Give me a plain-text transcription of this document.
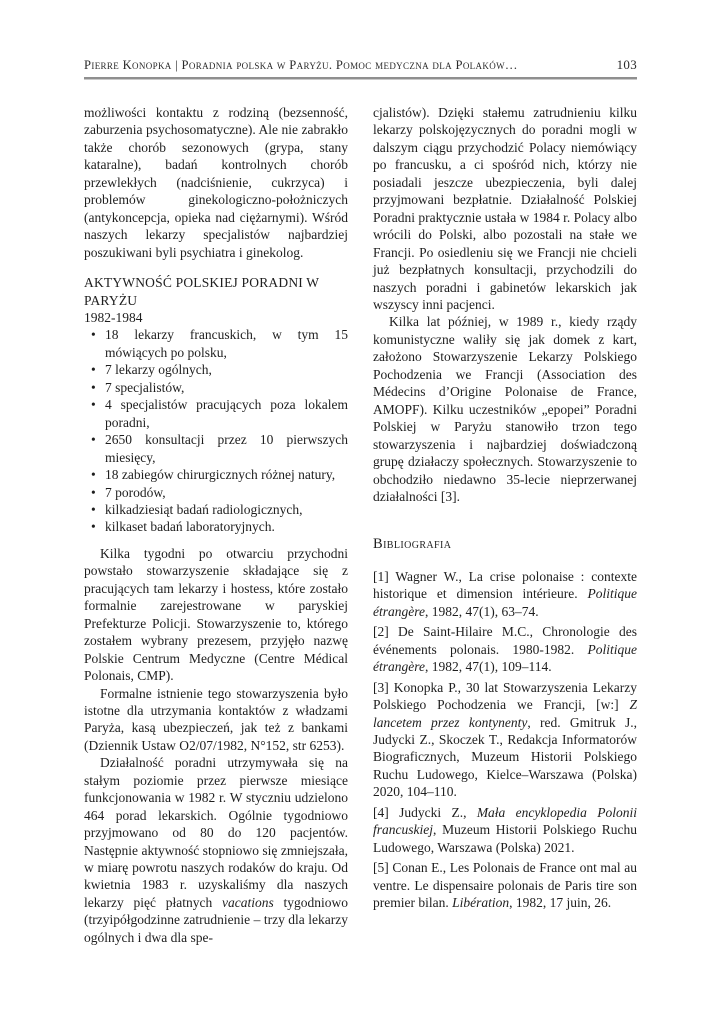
Pierre Konopka | Poradnia polska w Paryżu. Pomoc medyczna dla Polaków…	103

możliwości kontaktu z rodziną (bezsenność, zaburzenia psychosomatyczne). Ale nie zabrakło także chorób sezonowych (grypa, stany kataralne), badań kontrolnych chorób przewlekłych (nadciśnienie, cukrzyca) i problemów ginekologiczno-położniczych (antykoncepcja, opieka nad ciężarnymi). Wśród naszych lekarzy specjalistów najbardziej poszukiwani byli psychiatra i ginekolog.

AKTYWNOŚĆ POLSKIEJ PORADNI W PARYŻU

1982-1984

• 18 lekarzy francuskich, w tym 15 mówiących po polsku,
• 7 lekarzy ogólnych,
• 7 specjalistów,
• 4 specjalistów pracujących poza lokalem poradni,
• 2650 konsultacji przez 10 pierwszych miesięcy,
• 18 zabiegów chirurgicznych różnej natury,
• 7 porodów,
• kilkadziesiąt badań radiologicznych,
• kilkaset badań laboratoryjnych.

Kilka tygodni po otwarciu przychodni powstało stowarzyszenie składające się z pracujących tam lekarzy i hostess, które zostało formalnie zarejestrowane w paryskiej Prefekturze Policji. Stowarzyszenie to, którego zostałem wybrany prezesem, przyjęło nazwę Polskie Centrum Medyczne (Centre Médical Polonais, CMP).

Formalne istnienie tego stowarzyszenia było istotne dla utrzymania kontaktów z władzami Paryża, kasą ubezpieczeń, jak też z bankami (Dziennik Ustaw O2/07/1982, N°152, str 6253).

Działalność poradni utrzymywała się na stałym poziomie przez pierwsze miesiące funkcjonowania w 1982 r. W styczniu udzielono 464 porad lekarskich. Ogólnie tygodniowo przyjmowano od 80 do 120 pacjentów. Następnie aktywność stopniowo się zmniejszała, w miarę powrotu naszych rodaków do kraju. Od kwietnia 1983 r. uzyskaliśmy dla naszych lekarzy pięć płatnych vacations tygodniowo (trzyipółgodzinne zatrudnienie – trzy dla lekarzy ogólnych i dwa dla spe-

cjalistów). Dzięki stałemu zatrudnieniu kilku lekarzy polskojęzycznych do poradni mogli w dalszym ciągu przychodzić Polacy niemówiący po francusku, a ci spośród nich, którzy nie posiadali jeszcze ubezpieczenia, byli dalej przyjmowani bezpłatnie. Działalność Polskiej Poradni praktycznie ustała w 1984 r. Polacy albo wrócili do Polski, albo pozostali na stałe we Francji. Po osiedleniu się we Francji nie chcieli już bezpłatnych konsultacji, przychodzili do naszych poradni i gabinetów lekarskich jak wszyscy inni pacjenci.

Kilka lat później, w 1989 r., kiedy rządy komunistyczne waliły się jak domek z kart, założono Stowarzyszenie Lekarzy Polskiego Pochodzenia we Francji (Association des Médecins d’Origine Polonaise de France, AMOPF). Kilku uczestników „epopei” Poradni Polskiej w Paryżu stanowiło trzon tego stowarzyszenia i najbardziej doświadczoną grupę działaczy społecznych. Stowarzyszenie to obchodziło niedawno 35-lecie nieprzerwanej działalności [3].

Bibliografia

[1] Wagner W., La crise polonaise : contexte historique et dimension intérieure. Politique étrangère, 1982, 47(1), 63–74.

[2] De Saint-Hilaire M.C., Chronologie des événements polonais. 1980-1982. Politique étrangère, 1982, 47(1), 109–114.

[3] Konopka P., 30 lat Stowarzyszenia Lekarzy Polskiego Pochodzenia we Francji, [w:] Z lancetem przez kontynenty, red. Gmitruk J., Judycki Z., Skoczek T., Redakcja Informatorów Biograficznych, Muzeum Historii Polskiego Ruchu Ludowego, Kielce–Warszawa (Polska) 2020, 104–110.

[4] Judycki Z., Mała encyklopedia Polonii francuskiej, Muzeum Historii Polskiego Ruchu Ludowego, Warszawa (Polska) 2021.

[5] Conan E., Les Polonais de France ont mal au ventre. Le dispensaire polonais de Paris tire son premier bilan. Libération, 1982, 17 juin, 26.
